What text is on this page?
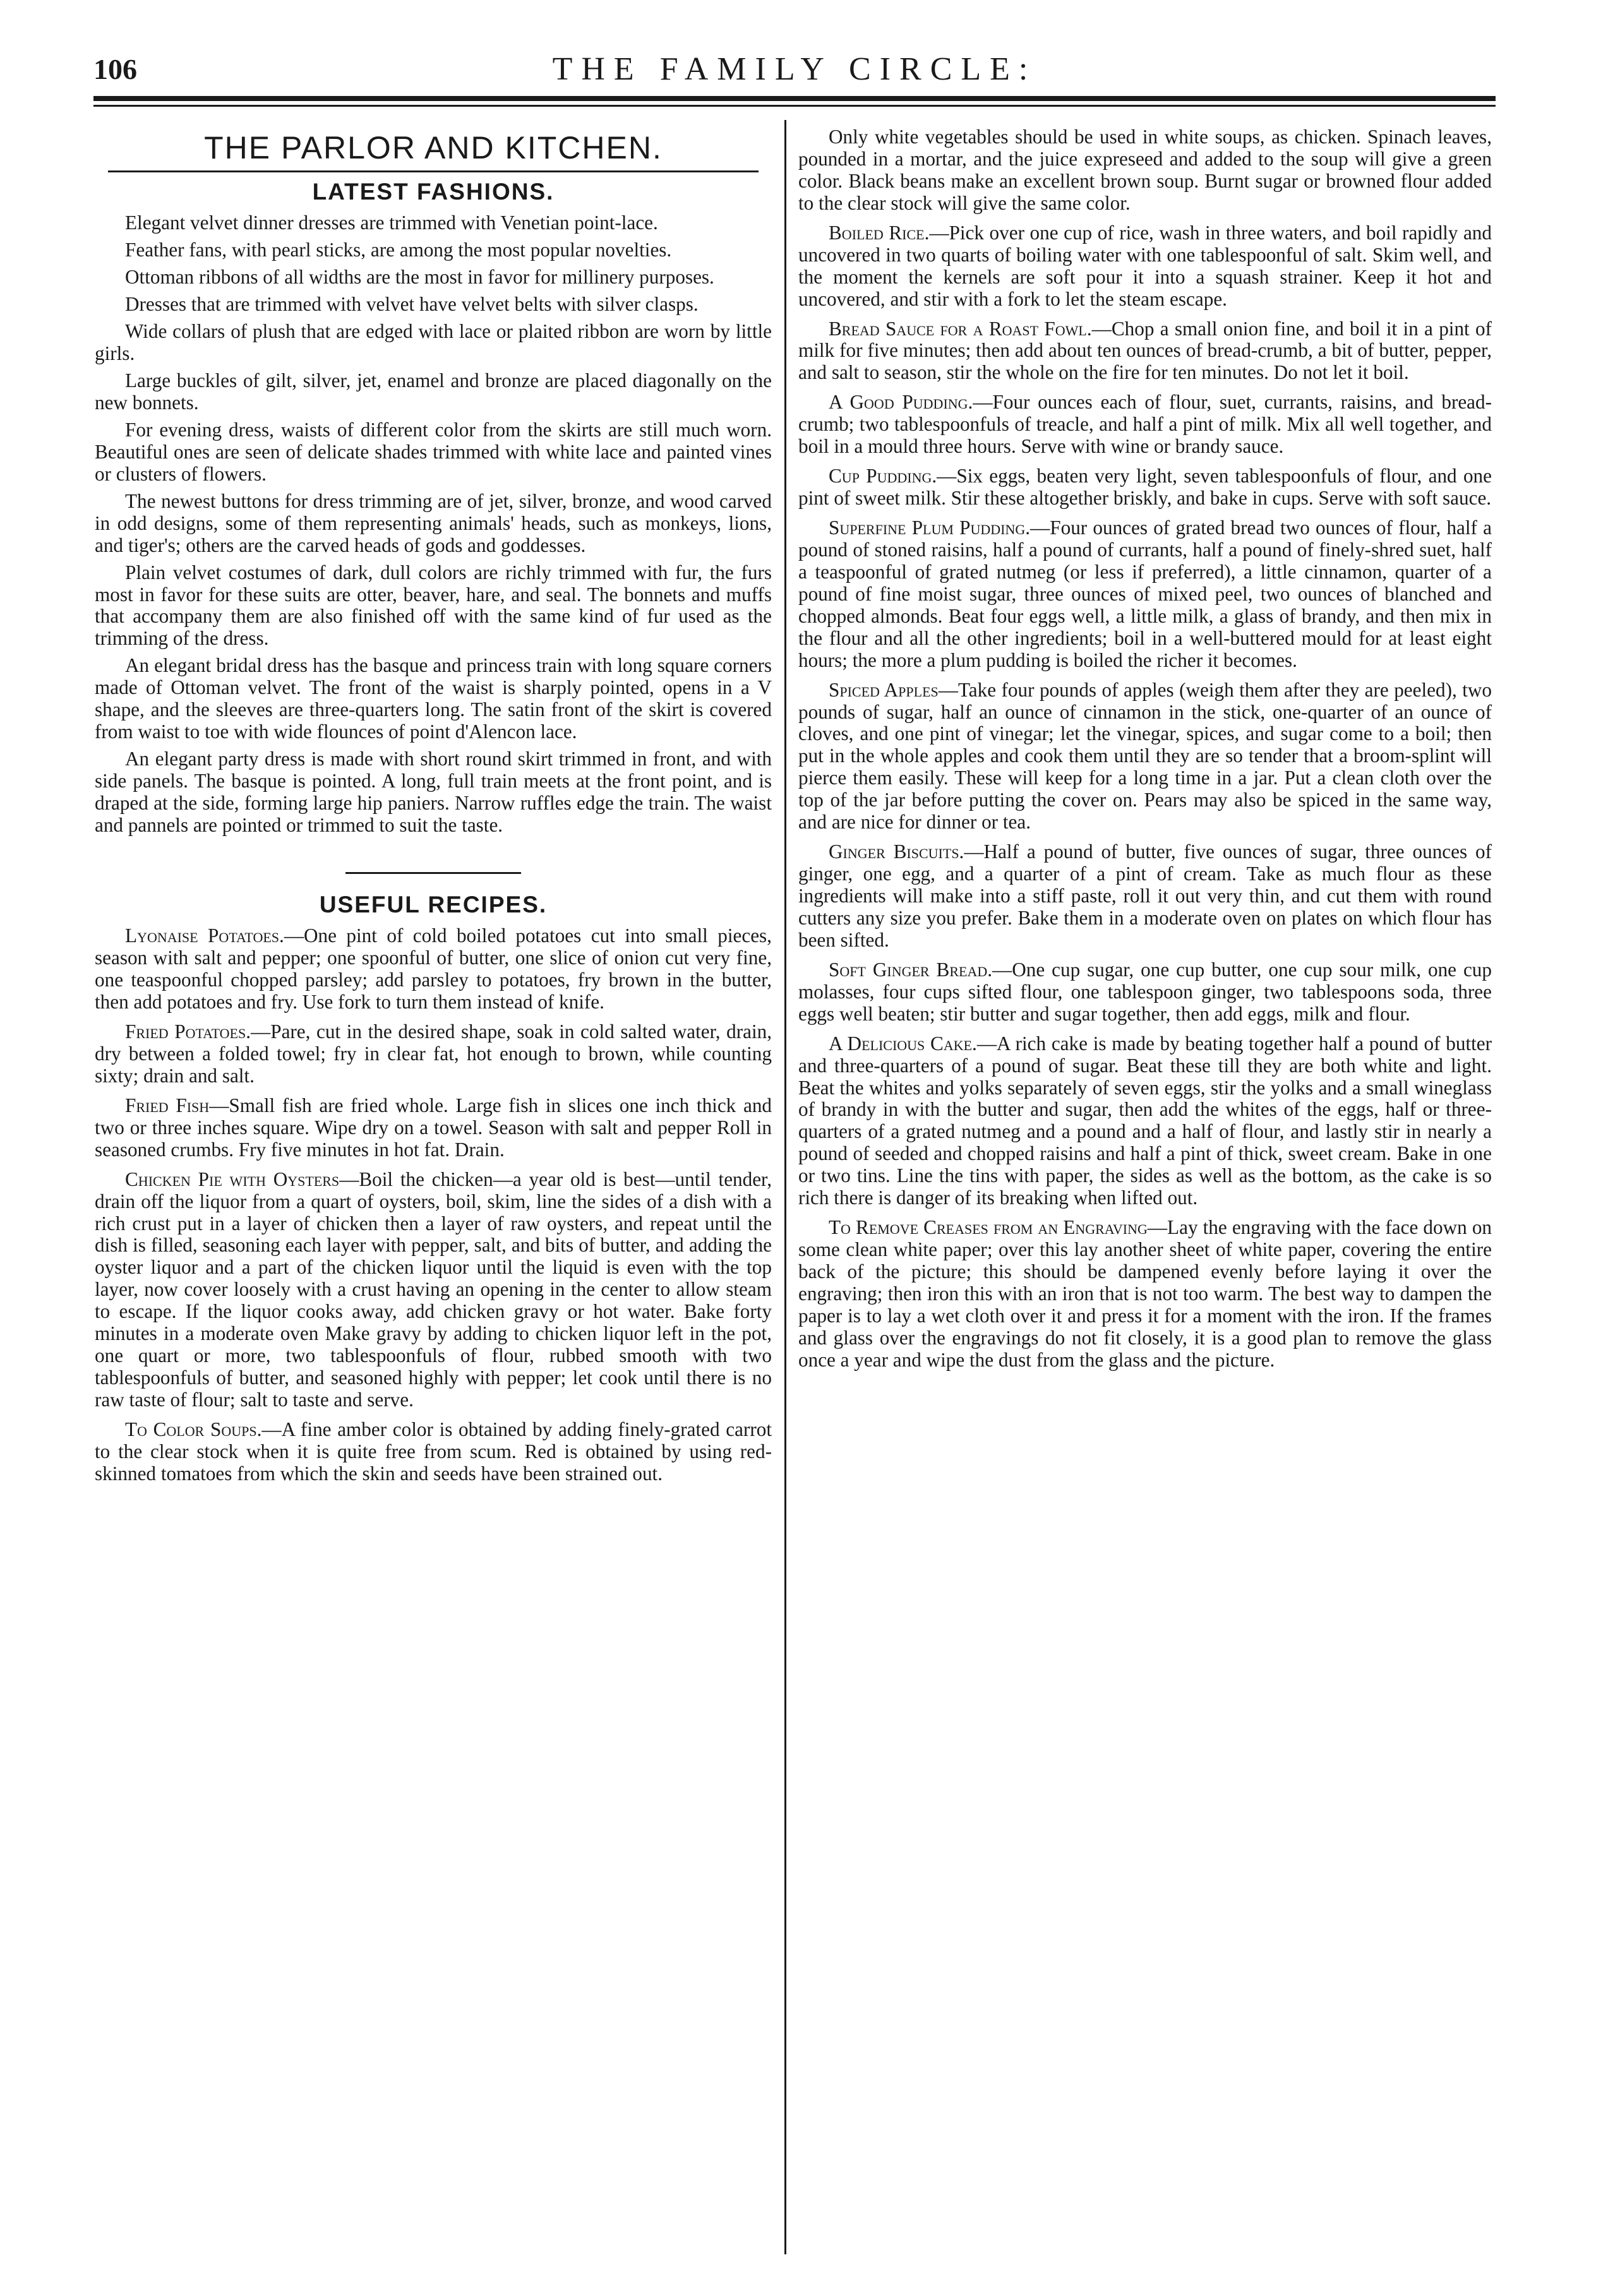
106	THE FAMILY CIRCLE:
THE PARLOR AND KITCHEN.
LATEST FASHIONS.

Elegant velvet dinner dresses are trimmed with Venetian point-lace.

Feather fans, with pearl sticks, are among the most popular novelties.

Ottoman ribbons of all widths are the most in favor for millinery purposes.

Dresses that are trimmed with velvet have velvet belts with silver clasps.

Wide collars of plush that are edged with lace or plaited ribbon are worn by little girls.

Large buckles of gilt, silver, jet, enamel and bronze are placed diagonally on the new bonnets.

For evening dress, waists of different color from the skirts are still much worn. Beautiful ones are seen of delicate shades trimmed with white lace and painted vines or clusters of flowers.

The newest buttons for dress trimming are of jet, silver, bronze, and wood carved in odd designs, some of them representing animals' heads, such as monkeys, lions, and tiger's; others are the carved heads of gods and goddesses.

Plain velvet costumes of dark, dull colors are richly trimmed with fur, the furs most in favor for these suits are otter, beaver, hare, and seal. The bonnets and muffs that accompany them are also finished off with the same kind of fur used as the trimming of the dress.

An elegant bridal dress has the basque and princess train with long square corners made of Ottoman velvet. The front of the waist is sharply pointed, opens in a V shape, and the sleeves are three-quarters long. The satin front of the skirt is covered from waist to toe with wide flounces of point d'Alencon lace.

An elegant party dress is made with short round skirt trimmed in front, and with side panels. The basque is pointed. A long, full train meets at the front point, and is draped at the side, forming large hip paniers. Narrow ruffles edge the train. The waist and pannels are pointed or trimmed to suit the taste.

USEFUL RECIPES.

Lyonaise Potatoes.—One pint of cold boiled potatoes cut into small pieces, season with salt and pepper; one spoonful of butter, one slice of onion cut very fine, one teaspoonful chopped parsley; add parsley to potatoes, fry brown in the butter, then add potatoes and fry. Use fork to turn them instead of knife.

Fried Potatoes.—Pare, cut in the desired shape, soak in cold salted water, drain, dry between a folded towel; fry in clear fat, hot enough to brown, while counting sixty; drain and salt.

Fried Fish—Small fish are fried whole. Large fish in slices one inch thick and two or three inches square. Wipe dry on a towel. Season with salt and pepper Roll in seasoned crumbs. Fry five minutes in hot fat. Drain.

Chicken Pie with Oysters—Boil the chicken—a year old is best—until tender, drain off the liquor from a quart of oysters, boil, skim, line the sides of a dish with a rich crust put in a layer of chicken then a layer of raw oysters, and repeat until the dish is filled, seasoning each layer with pepper, salt, and bits of butter, and adding the oyster liquor and a part of the chicken liquor until the liquid is even with the top layer, now cover loosely with a crust having an opening in the center to allow steam to escape. If the liquor cooks away, add chicken gravy or hot water. Bake forty minutes in a moderate oven Make gravy by adding to chicken liquor left in the pot, one quart or more, two tablespoonfuls of flour, rubbed smooth with two tablespoonfuls of butter, and seasoned highly with pepper; let cook until there is no raw taste of flour; salt to taste and serve.

To Color Soups.—A fine amber color is obtained by adding finely-grated carrot to the clear stock when it is quite free from scum. Red is obtained by using red-skinned tomatoes from which the skin and seeds have been strained out.

Only white vegetables should be used in white soups, as chicken. Spinach leaves, pounded in a mortar, and the juice expreseed and added to the soup will give a green color. Black beans make an excellent brown soup. Burnt sugar or browned flour added to the clear stock will give the same color.

Boiled Rice.—Pick over one cup of rice, wash in three waters, and boil rapidly and uncovered in two quarts of boiling water with one tablespoonful of salt. Skim well, and the moment the kernels are soft pour it into a squash strainer. Keep it hot and uncovered, and stir with a fork to let the steam escape.

Bread Sauce for a Roast Fowl.—Chop a small onion fine, and boil it in a pint of milk for five minutes; then add about ten ounces of bread-crumb, a bit of butter, pepper, and salt to season, stir the whole on the fire for ten minutes. Do not let it boil.

A Good Pudding.—Four ounces each of flour, suet, currants, raisins, and bread-crumb; two tablespoonfuls of treacle, and half a pint of milk. Mix all well together, and boil in a mould three hours. Serve with wine or brandy sauce.

Cup Pudding.—Six eggs, beaten very light, seven tablespoonfuls of flour, and one pint of sweet milk. Stir these altogether briskly, and bake in cups. Serve with soft sauce.

Superfine Plum Pudding.—Four ounces of grated bread two ounces of flour, half a pound of stoned raisins, half a pound of currants, half a pound of finely-shred suet, half a teaspoonful of grated nutmeg (or less if preferred), a little cinnamon, quarter of a pound of fine moist sugar, three ounces of mixed peel, two ounces of blanched and chopped almonds. Beat four eggs well, a little milk, a glass of brandy, and then mix in the flour and all the other ingredients; boil in a well-buttered mould for at least eight hours; the more a plum pudding is boiled the richer it becomes.

Spiced Apples—Take four pounds of apples (weigh them after they are peeled), two pounds of sugar, half an ounce of cinnamon in the stick, one-quarter of an ounce of cloves, and one pint of vinegar; let the vinegar, spices, and sugar come to a boil; then put in the whole apples and cook them until they are so tender that a broom-splint will pierce them easily. These will keep for a long time in a jar. Put a clean cloth over the top of the jar before putting the cover on. Pears may also be spiced in the same way, and are nice for dinner or tea.

Ginger Biscuits.—Half a pound of butter, five ounces of sugar, three ounces of ginger, one egg, and a quarter of a pint of cream. Take as much flour as these ingredients will make into a stiff paste, roll it out very thin, and cut them with round cutters any size you prefer. Bake them in a moderate oven on plates on which flour has been sifted.

Soft Ginger Bread.—One cup sugar, one cup butter, one cup sour milk, one cup molasses, four cups sifted flour, one tablespoon ginger, two tablespoons soda, three eggs well beaten; stir butter and sugar together, then add eggs, milk and flour.

A Delicious Cake.—A rich cake is made by beating together half a pound of butter and three-quarters of a pound of sugar. Beat these till they are both white and light. Beat the whites and yolks separately of seven eggs, stir the yolks and a small wineglass of brandy in with the butter and sugar, then add the whites of the eggs, half or three-quarters of a grated nutmeg and a pound and a half of flour, and lastly stir in nearly a pound of seeded and chopped raisins and half a pint of thick, sweet cream. Bake in one or two tins. Line the tins with paper, the sides as well as the bottom, as the cake is so rich there is danger of its breaking when lifted out.

To Remove Creases from an Engraving—Lay the engraving with the face down on some clean white paper; over this lay another sheet of white paper, covering the entire back of the picture; this should be dampened evenly before laying it over the engraving; then iron this with an iron that is not too warm. The best way to dampen the paper is to lay a wet cloth over it and press it for a moment with the iron. If the frames and glass over the engravings do not fit closely, it is a good plan to remove the glass once a year and wipe the dust from the glass and the picture.
